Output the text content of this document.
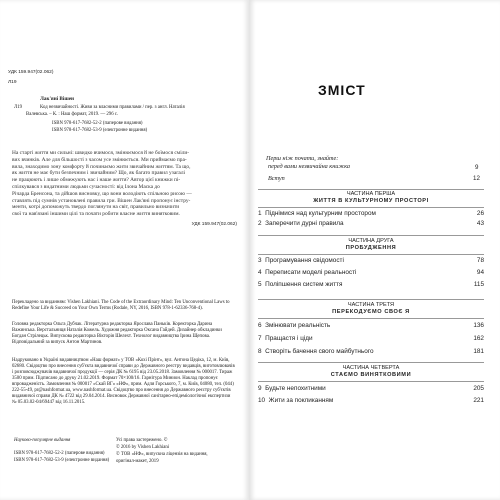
УДК 159.947(02.062)
Л19
Лак'яні Вішен
Л19	Код незвичайності. Живи за власними правилами / пер. з англ. Наталія
Валевська. – К. : Наш формат, 2019. — 296 с.
ISBN 978-617-7682-52-2 (паперове видання)
ISBN 978-617-7682-53-9 (електронне видання)
На старті життя ми сильні: швидко вчимося, змінюємося й не боїмося сміли-
вих вчинків. Але для більшості з часом усе змінюється. Ми приймаємо пра-
вила, знаходимо зону комфорту й починаємо жити звичайним життям. Та що,
як життя не має бути безпечним і звичайним? Що, як багато правил узагалі
не працюють і лише обмежують нас і наше життя? Автор цієї книжки пі-
спілкувався з видатними людьми сучасності: від Ілона Маска до
Річарда Бренсона, та дійшов висновку, що вони володіють спільною рисою —
ставлять під сумнів установлені правила гри. Вішен Лак'яні пропонує інстру-
менти, котрі допоможуть твердо поглянути на світ, правильно визначити
свої та нав'язані іншими цілі та почати робити власне життя винятковим.
УДК 159.947(02.062)
Перекладено за виданням: Vishen Lakhiani. The Code of the Extraordinary Mind: Ten Unconventional Laws to Redefine Your Life & Succeed on Your Own Terms (Rodale, NY, 2016, ISBN 978-1-62336-768-4).
Головна редакторка Ольга Дубчак. Літературна редакторка Ярослава Паньків. Коректорка Дарина Важинська. Верстальниця Наталія Кожель. Художня редакторка Оксана Гайдей. Дизайнер обкладинки Богдан Стрілецьк. Випускова редакторка Вікторія Шелехт. Технолог видавництва Ірина Щепова. Відповідальний за випуск Антон Мартинов.
Надруковано в Україні видавництвом «Наш формат» у ТОВ «Кохі Прінт», вул. Антона Цедіка, 12, м. Київ, 02680. Свідоцтво про внесення суб'єкта видавничої справи до Державного реєстру видавців, виготовлювачів і розповсюджувачів видавничої продукції — серія ДК № 6195 від 23.05.2018. Замовлення № 000017. Тираж 3500 прим. Підписано до друку 21.02.2019. Формат 70×100/16. Гарнітура Минион. Наклад пропонує впровадженість. Замовлення № 000017 «Скай ВГ» «НФ», прим. Адля Горського, 7, м. Київ, 04080, тел. (044) 222-55-49, pr@nashformat.ua, www.nashformat.ua. Свідоцтво про внесення до Державного реєстру суб'єктів видавничої справи ДК № 4722 від 29.04.2014. Висновок Державної санітарно-епідеміологічної експертизи № 05.03.02-04/69447 від 16.11.2015.
Науково-популярне видання
ISBN 978-617-7682-52-2 (паперове видання)
ISBN 978-617-7682-53-9 (електронне видання)
Усі права застережено. ©
© 2016 by Vishen Lakhiani
© ТОВ «НФ», випускна ліцензія на видання,
оригінал-макет, 2019
ЗМІСТ
Перш ніж почати, знайте:
перед вами незвичайна книжка	9
Вступ	12
ЧАСТИНА ПЕРША
ЖИТТЯ В КУЛЬТУРНОМУ ПРОСТОРІ
1 Піднімися над культурним простором	26
2 Заперечити дурні правила	43
ЧАСТИНА ДРУГА
ПРОБУДЖЕННЯ
3 Програмування свідомості	78
4 Переписати моделі реальності	94
5 Поліпшення систем життя	115
ЧАСТИНА ТРЕТЯ
ПЕРЕКОДУЄМО СВОЄ Я
6 Змінювати реальність	136
7 Пращастя і ціди	162
8 Створіть бачення свого майбутнього	181
ЧАСТИНА ЧЕТВЕРТА
СТАЄМО ВИНЯТКОВИМИ
9 Будьте непохитними	205
10 Жити за покликанням	221
